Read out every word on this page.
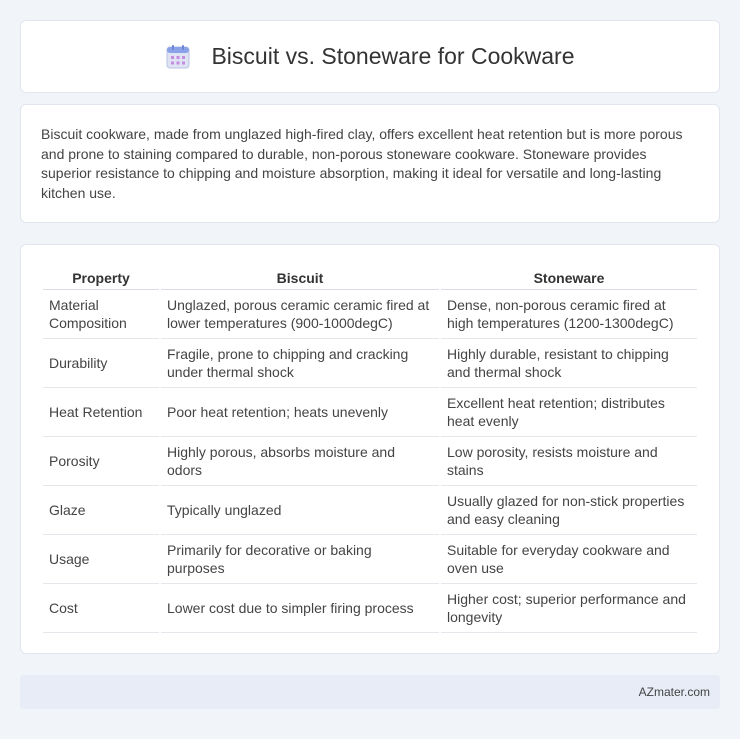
Biscuit vs. Stoneware for Cookware

Biscuit cookware, made from unglazed high-fired clay, offers excellent heat retention but is more porous and prone to staining compared to durable, non-porous stoneware cookware. Stoneware provides superior resistance to chipping and moisture absorption, making it ideal for versatile and long-lasting kitchen use.

Property	Biscuit	Stoneware
Material Composition	Unglazed, porous ceramic ceramic fired at lower temperatures (900-1000degC)	Dense, non-porous ceramic fired at high temperatures (1200-1300degC)
Durability	Fragile, prone to chipping and cracking under thermal shock	Highly durable, resistant to chipping and thermal shock
Heat Retention	Poor heat retention; heats unevenly	Excellent heat retention; distributes heat evenly
Porosity	Highly porous, absorbs moisture and odors	Low porosity, resists moisture and stains
Glaze	Typically unglazed	Usually glazed for non-stick properties and easy cleaning
Usage	Primarily for decorative or baking purposes	Suitable for everyday cookware and oven use
Cost	Lower cost due to simpler firing process	Higher cost; superior performance and longevity
AZmater.com
